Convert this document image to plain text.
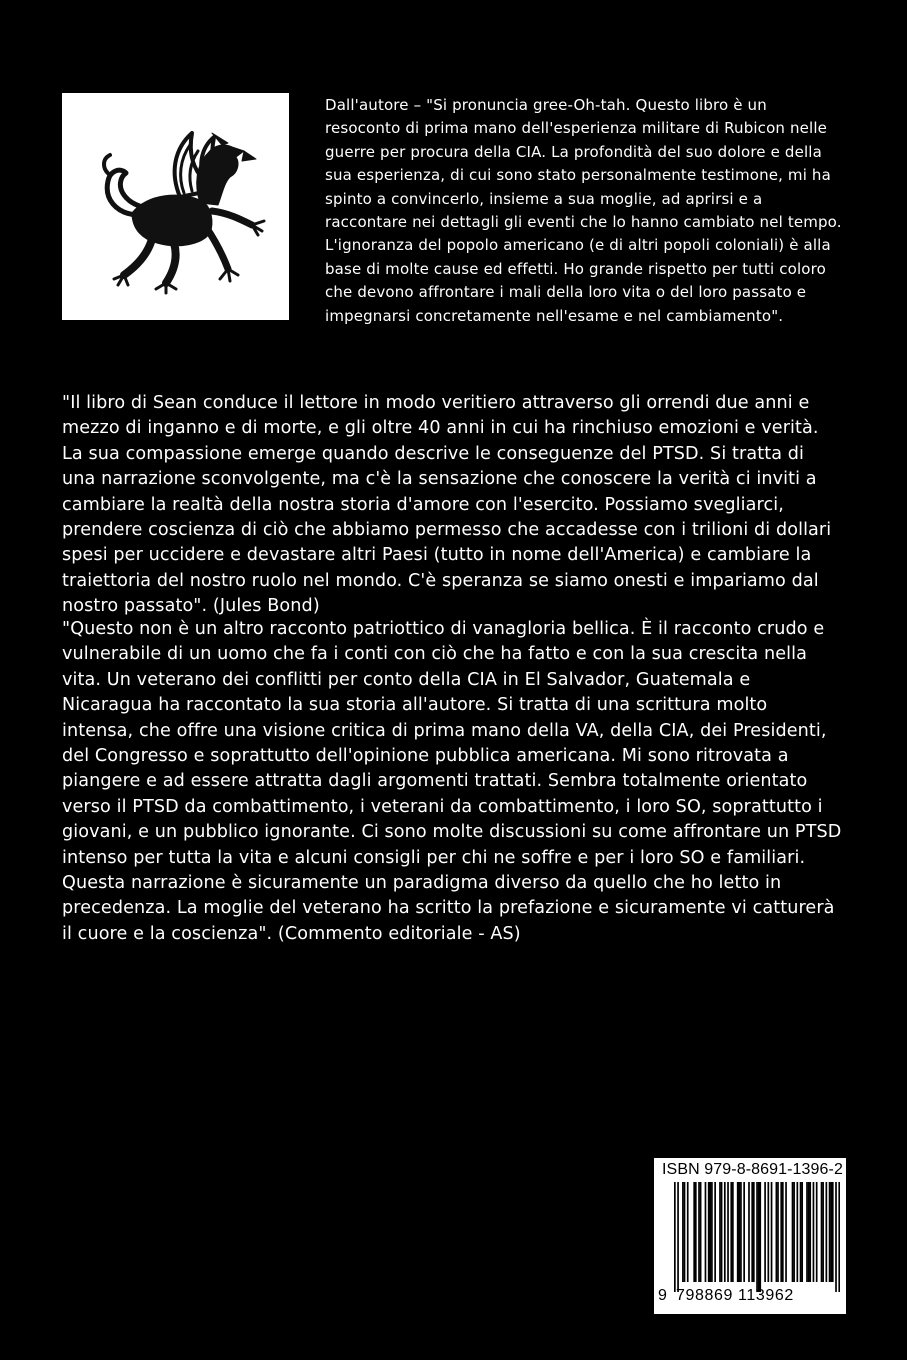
Dall'autore – "Si pronuncia gree-Oh-tah. Questo libro è un resoconto di prima mano dell'esperienza militare di Rubicon nelle guerre per procura della CIA. La profondità del suo dolore e della sua esperienza, di cui sono stato personalmente testimone, mi ha spinto a convincerlo, insieme a sua moglie, ad aprirsi e a raccontare nei dettagli gli eventi che lo hanno cambiato nel tempo. L'ignoranza del popolo americano (e di altri popoli coloniali) è alla base di molte cause ed effetti. Ho grande rispetto per tutti coloro che devono affrontare i mali della loro vita o del loro passato e impegnarsi concretamente nell'esame e nel cambiamento".

"Il libro di Sean conduce il lettore in modo veritiero attraverso gli orrendi due anni e mezzo di inganno e di morte, e gli oltre 40 anni in cui ha rinchiuso emozioni e verità. La sua compassione emerge quando descrive le conseguenze del PTSD. Si tratta di una narrazione sconvolgente, ma c'è la sensazione che conoscere la verità ci inviti a cambiare la realtà della nostra storia d'amore con l'esercito. Possiamo svegliarci, prendere coscienza di ciò che abbiamo permesso che accadesse con i trilioni di dollari spesi per uccidere e devastare altri Paesi (tutto in nome dell'America) e cambiare la traiettoria del nostro ruolo nel mondo. C'è speranza se siamo onesti e impariamo dal nostro passato". (Jules Bond)

"Questo non è un altro racconto patriottico di vanagloria bellica. È il racconto crudo e vulnerabile di un uomo che fa i conti con ciò che ha fatto e con la sua crescita nella vita. Un veterano dei conflitti per conto della CIA in El Salvador, Guatemala e Nicaragua ha raccontato la sua storia all'autore. Si tratta di una scrittura molto intensa, che offre una visione critica di prima mano della VA, della CIA, dei Presidenti, del Congresso e soprattutto dell'opinione pubblica americana. Mi sono ritrovata a piangere e ad essere attratta dagli argomenti trattati. Sembra totalmente orientato verso il PTSD da combattimento, i veterani da combattimento, i loro SO, soprattutto i giovani, e un pubblico ignorante. Ci sono molte discussioni su come affrontare un PTSD intenso per tutta la vita e alcuni consigli per chi ne soffre e per i loro SO e familiari. Questa narrazione è sicuramente un paradigma diverso da quello che ho letto in precedenza. La moglie del veterano ha scritto la prefazione e sicuramente vi catturerà il cuore e la coscienza". (Commento editoriale - AS)

ISBN 979-8-8691-1396-2
9 798869 113962
